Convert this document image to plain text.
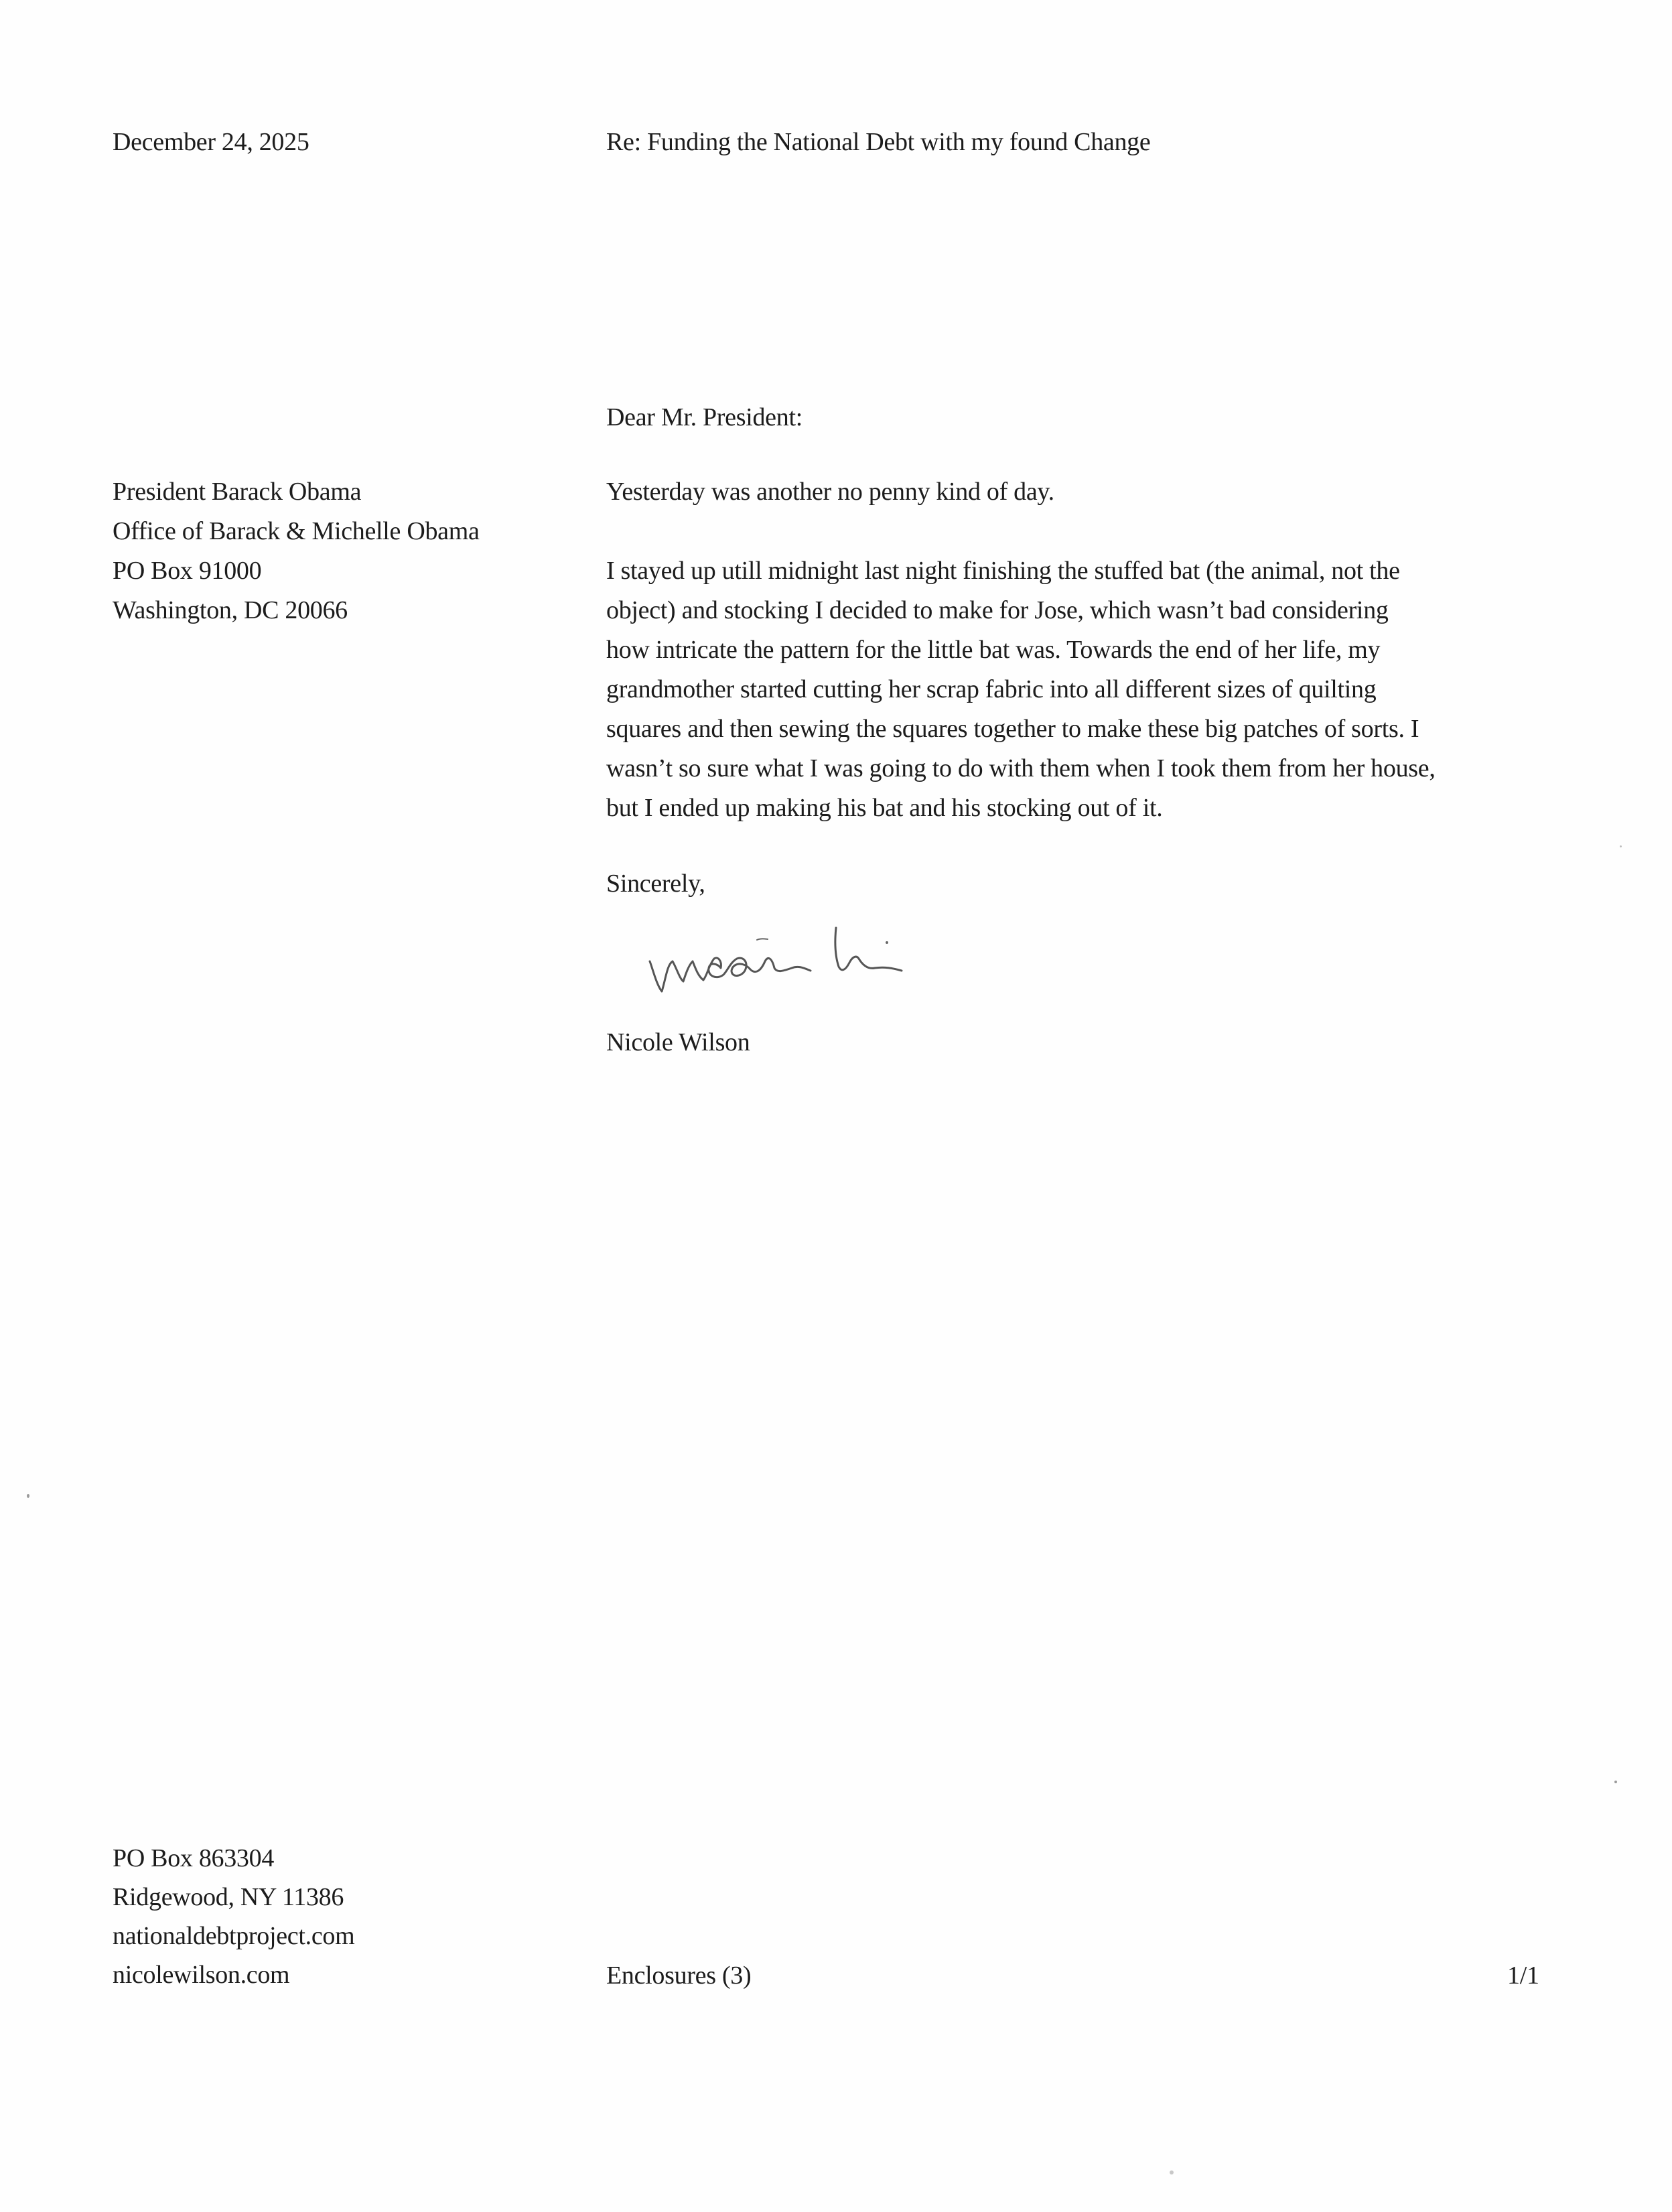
December 24, 2025	Re: Funding the National Debt with my found Change
Dear Mr. President:
President Barack Obama
Office of Barack & Michelle Obama
PO Box 91000
Washington, DC 20066
Yesterday was another no penny kind of day.
I stayed up utill midnight last night finishing the stuffed bat (the animal, not the
object) and stocking I decided to make for Jose, which wasn’t bad considering
how intricate the pattern for the little bat was. Towards the end of her life, my
grandmother started cutting her scrap fabric into all different sizes of quilting
squares and then sewing the squares together to make these big patches of sorts. I
wasn’t so sure what I was going to do with them when I took them from her house,
but I ended up making his bat and his stocking out of it.
Sincerely,
Nicole Wilson
PO Box 863304
Ridgewood, NY 11386
nationaldebtproject.com
nicolewilson.com	Enclosures (3)	1/1
